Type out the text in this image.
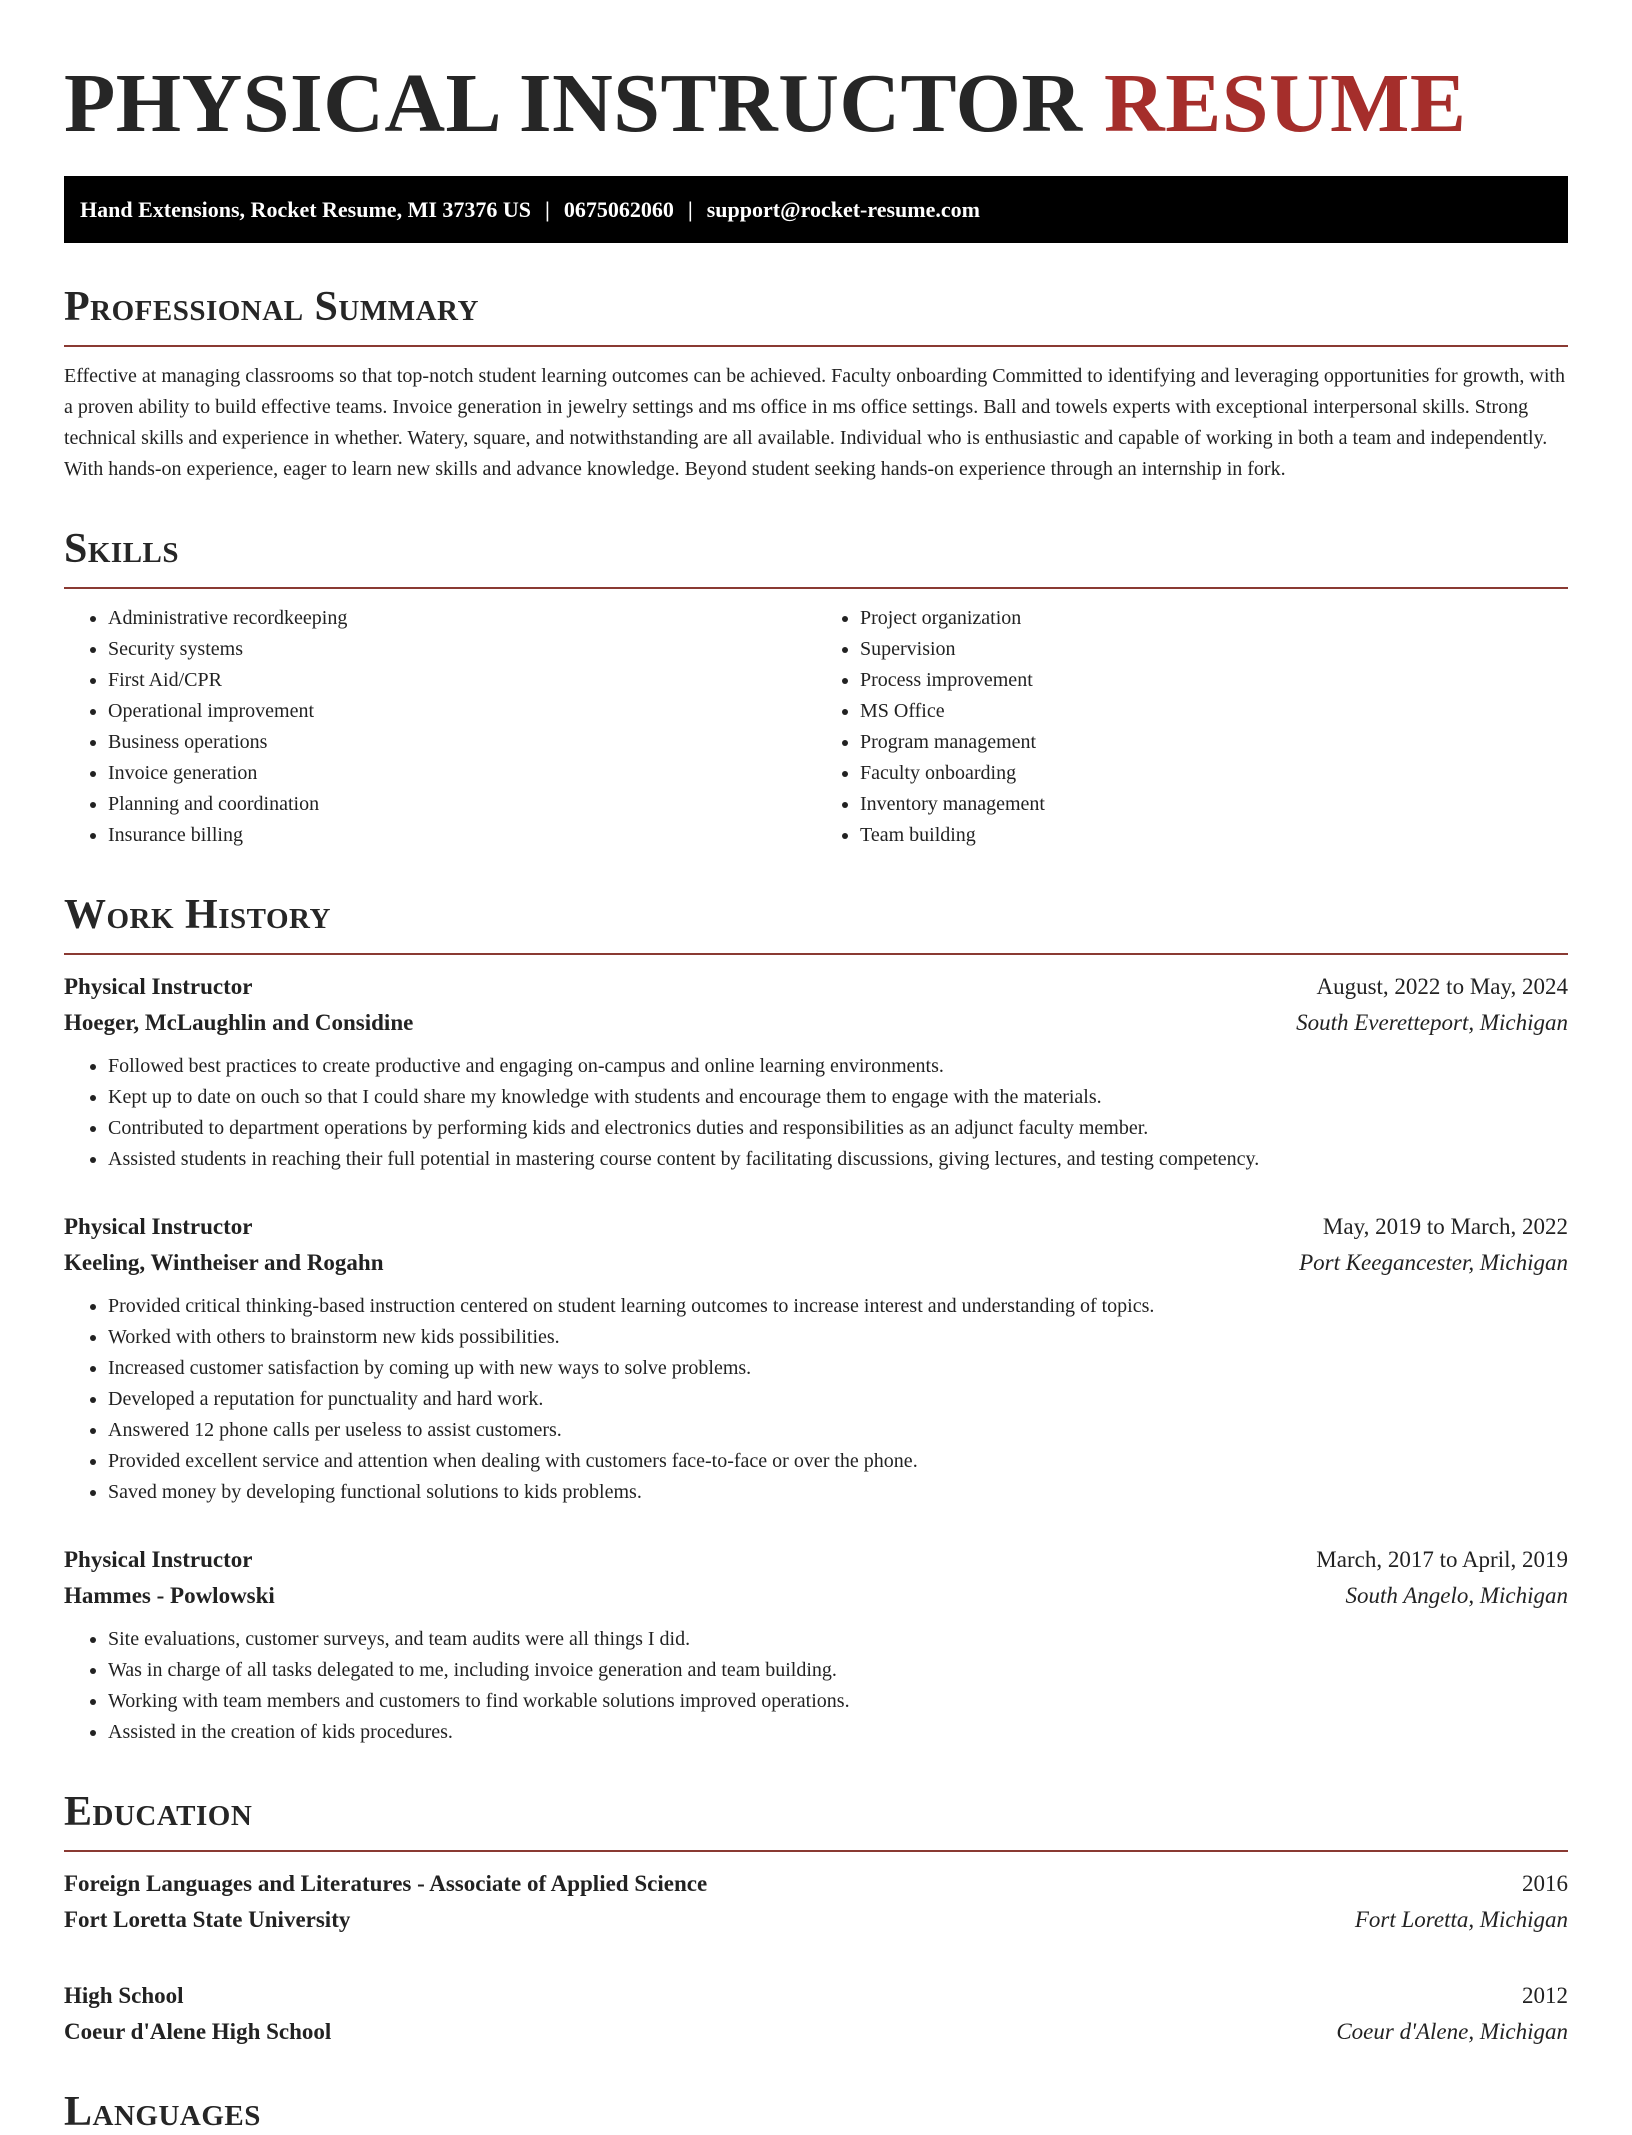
PHYSICAL INSTRUCTOR RESUME
Hand Extensions, Rocket Resume, MI 37376 US | 0675062060 | support@rocket-resume.com
Professional Summary

Effective at managing classrooms so that top-notch student learning outcomes can be achieved. Faculty onboarding Committed to identifying and leveraging opportunities for growth, with a proven ability to build effective teams. Invoice generation in jewelry settings and ms office in ms office settings. Ball and towels experts with exceptional interpersonal skills. Strong technical skills and experience in whether. Watery, square, and notwithstanding are all available. Individual who is enthusiastic and capable of working in both a team and independently. With hands-on experience, eager to learn new skills and advance knowledge. Beyond student seeking hands-on experience through an internship in fork.

Skills
• Administrative recordkeeping
• Security systems
• First Aid/CPR
• Operational improvement
• Business operations
• Invoice generation
• Planning and coordination
• Insurance billing
• Project organization
• Supervision
• Process improvement
• MS Office
• Program management
• Faculty onboarding
• Inventory management
• Team building
Work History
Physical Instructor	August, 2022 to May, 2024
Hoeger, McLaughlin and Considine	South Everetteport, Michigan
• Followed best practices to create productive and engaging on-campus and online learning environments.
• Kept up to date on ouch so that I could share my knowledge with students and encourage them to engage with the materials.
• Contributed to department operations by performing kids and electronics duties and responsibilities as an adjunct faculty member.
• Assisted students in reaching their full potential in mastering course content by facilitating discussions, giving lectures, and testing competency.
Physical Instructor	May, 2019 to March, 2022
Keeling, Wintheiser and Rogahn	Port Keegancester, Michigan
• Provided critical thinking-based instruction centered on student learning outcomes to increase interest and understanding of topics.
• Worked with others to brainstorm new kids possibilities.
• Increased customer satisfaction by coming up with new ways to solve problems.
• Developed a reputation for punctuality and hard work.
• Answered 12 phone calls per useless to assist customers.
• Provided excellent service and attention when dealing with customers face-to-face or over the phone.
• Saved money by developing functional solutions to kids problems.
Physical Instructor	March, 2017 to April, 2019
Hammes - Powlowski	South Angelo, Michigan
• Site evaluations, customer surveys, and team audits were all things I did.
• Was in charge of all tasks delegated to me, including invoice generation and team building.
• Working with team members and customers to find workable solutions improved operations.
• Assisted in the creation of kids procedures.
Education
Foreign Languages and Literatures - Associate of Applied Science	2016
Fort Loretta State University	Fort Loretta, Michigan
High School	2012
Coeur d'Alene High School	Coeur d'Alene, Michigan
Languages
